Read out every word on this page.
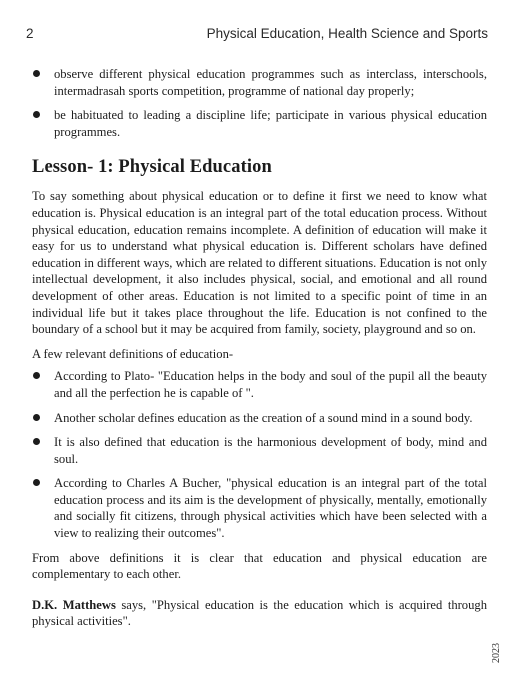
2	Physical Education, Health Science and Sports
observe different physical education programmes such as interclass, interschools, intermadrasah sports competition, programme of national day properly;
be habituated to leading a discipline life; participate in various physical education programmes.
Lesson- 1: Physical Education

To say something about physical education or to define it first we need to know what education is. Physical education is an integral part of the total education process. Without physical education, education remains incomplete. A definition of education will make it easy for us to understand what physical education is. Different scholars have defined education in different ways, which are related to different situations. Education is not only intellectual development, it also includes physical, social, and emotional and all round development of other areas. Education is not limited to a specific point of time in an individual life but it takes place throughout the life. Education is not confined to the boundary of a school but it may be acquired from family, society, playground and so on.

A few relevant definitions of education-

According to Plato- "Education helps in the body and soul of the pupil all the beauty and all the perfection he is capable of ".
Another scholar defines education as the creation of a sound mind in a sound body.
It is also defined that education is the harmonious development of body, mind and soul.
According to Charles A Bucher, "physical education is an integral part of the total education process and its aim is the development of physically, mentally, emotionally and socially fit citizens, through physical activities which have been selected with a view to realizing their outcomes".

From above definitions it is clear that education and physical education are complementary to each other.

D.K. Matthews says, "Physical education is the education which is acquired through physical activities".

2023
